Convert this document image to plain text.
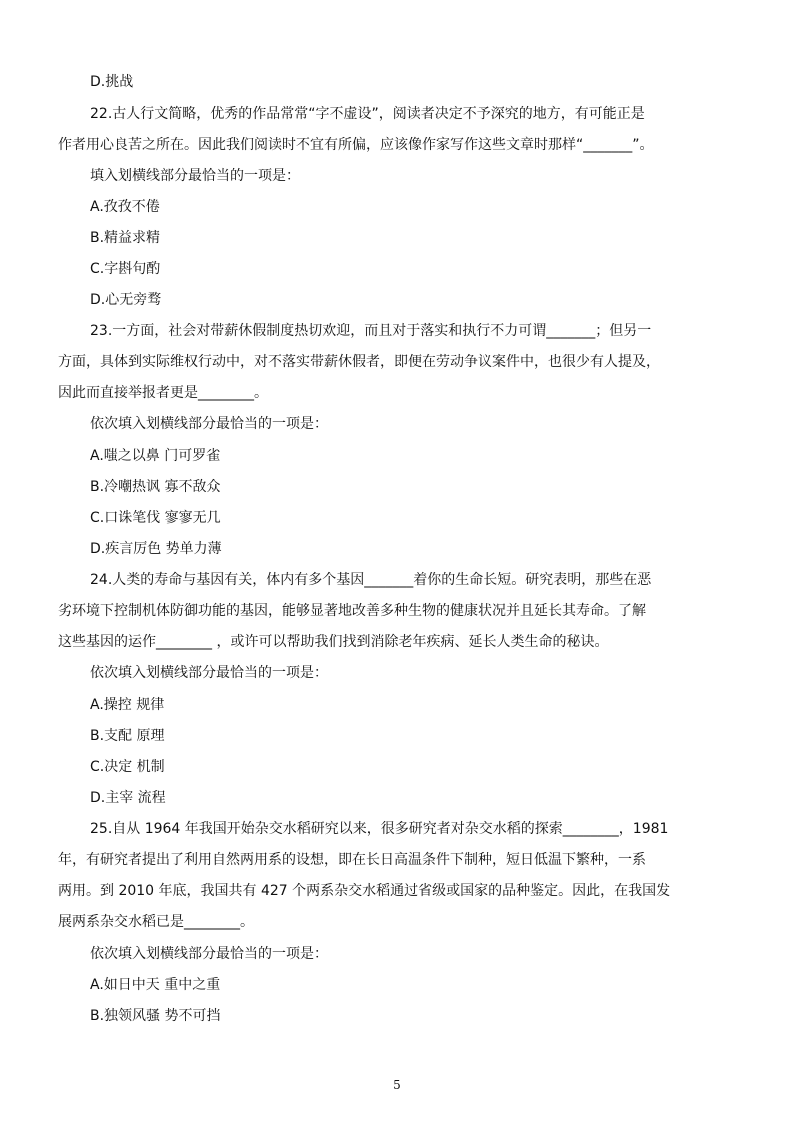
D.挑战
22.古人行文简略，优秀的作品常常“字不虚设”，阅读者决定不予深究的地方，有可能正是
作者用心良苦之所在。因此我们阅读时不宜有所偏，应该像作家写作这些文章时那样“_______”。
填入划横线部分最恰当的一项是：
A.孜孜不倦
B.精益求精
C.字斟句酌
D.心无旁骛
23.一方面，社会对带薪休假制度热切欢迎，而且对于落实和执行不力可谓_______；但另一
方面，具体到实际维权行动中，对不落实带薪休假者，即便在劳动争议案件中，也很少有人提及，
因此而直接举报者更是________。
依次填入划横线部分最恰当的一项是：
A.嗤之以鼻 门可罗雀
B.冷嘲热讽 寡不敌众
C.口诛笔伐 寥寥无几
D.疾言厉色 势单力薄
24.人类的寿命与基因有关，体内有多个基因_______着你的生命长短。研究表明，那些在恶
劣环境下控制机体防御功能的基因，能够显著地改善多种生物的健康状况并且延长其寿命。了解
这些基因的运作________ ，或许可以帮助我们找到消除老年疾病、延长人类生命的秘诀。
依次填入划横线部分最恰当的一项是：
A.操控 规律
B.支配 原理
C.决定 机制
D.主宰 流程
25.自从 1964 年我国开始杂交水稻研究以来，很多研究者对杂交水稻的探索________，1981
年，有研究者提出了利用自然两用系的设想，即在长日高温条件下制种，短日低温下繁种，一系
两用。到 2010 年底，我国共有 427 个两系杂交水稻通过省级或国家的品种鉴定。因此，在我国发
展两系杂交水稻已是________。
依次填入划横线部分最恰当的一项是：
A.如日中天 重中之重
B.独领风骚 势不可挡
5
